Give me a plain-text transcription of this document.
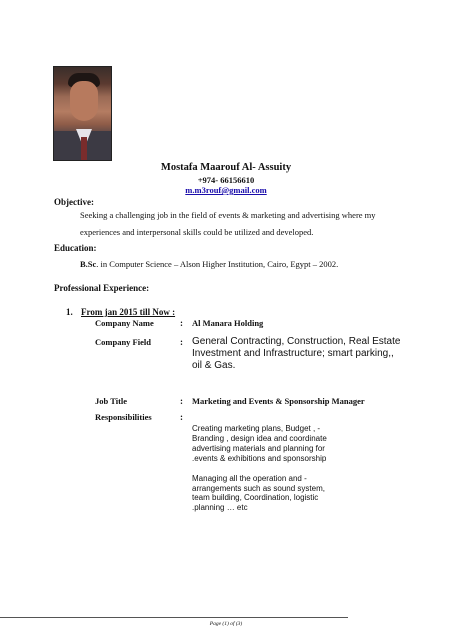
Mostafa Maarouf Al- Assuity
+974- 66156610
m.m3rouf@gmail.com
Objective:
Seeking a challenging job in the field of events & marketing and advertising where my
experiences and interpersonal skills could be utilized and developed.
Education:
B.Sc. in Computer Science – Alson Higher Institution, Cairo, Egypt – 2002.
Professional Experience:
1. From jan 2015 till Now :
Company Name	: Al Manara Holding
Company Field	: General Contracting, Construction, Real Estate
Investment and Infrastructure; smart parking,,
oil & Gas.
Job Title	: Marketing and Events & Sponsorship Manager
Responsibilities	:
Creating marketing plans, Budget , -
Branding , design idea and coordinate
advertising materials and planning for
.events & exhibitions and sponsorship
Managing all the operation and -
arrangements such as sound system,
team building, Coordination, logistic
.planning … etc
Page (1) of (3)
